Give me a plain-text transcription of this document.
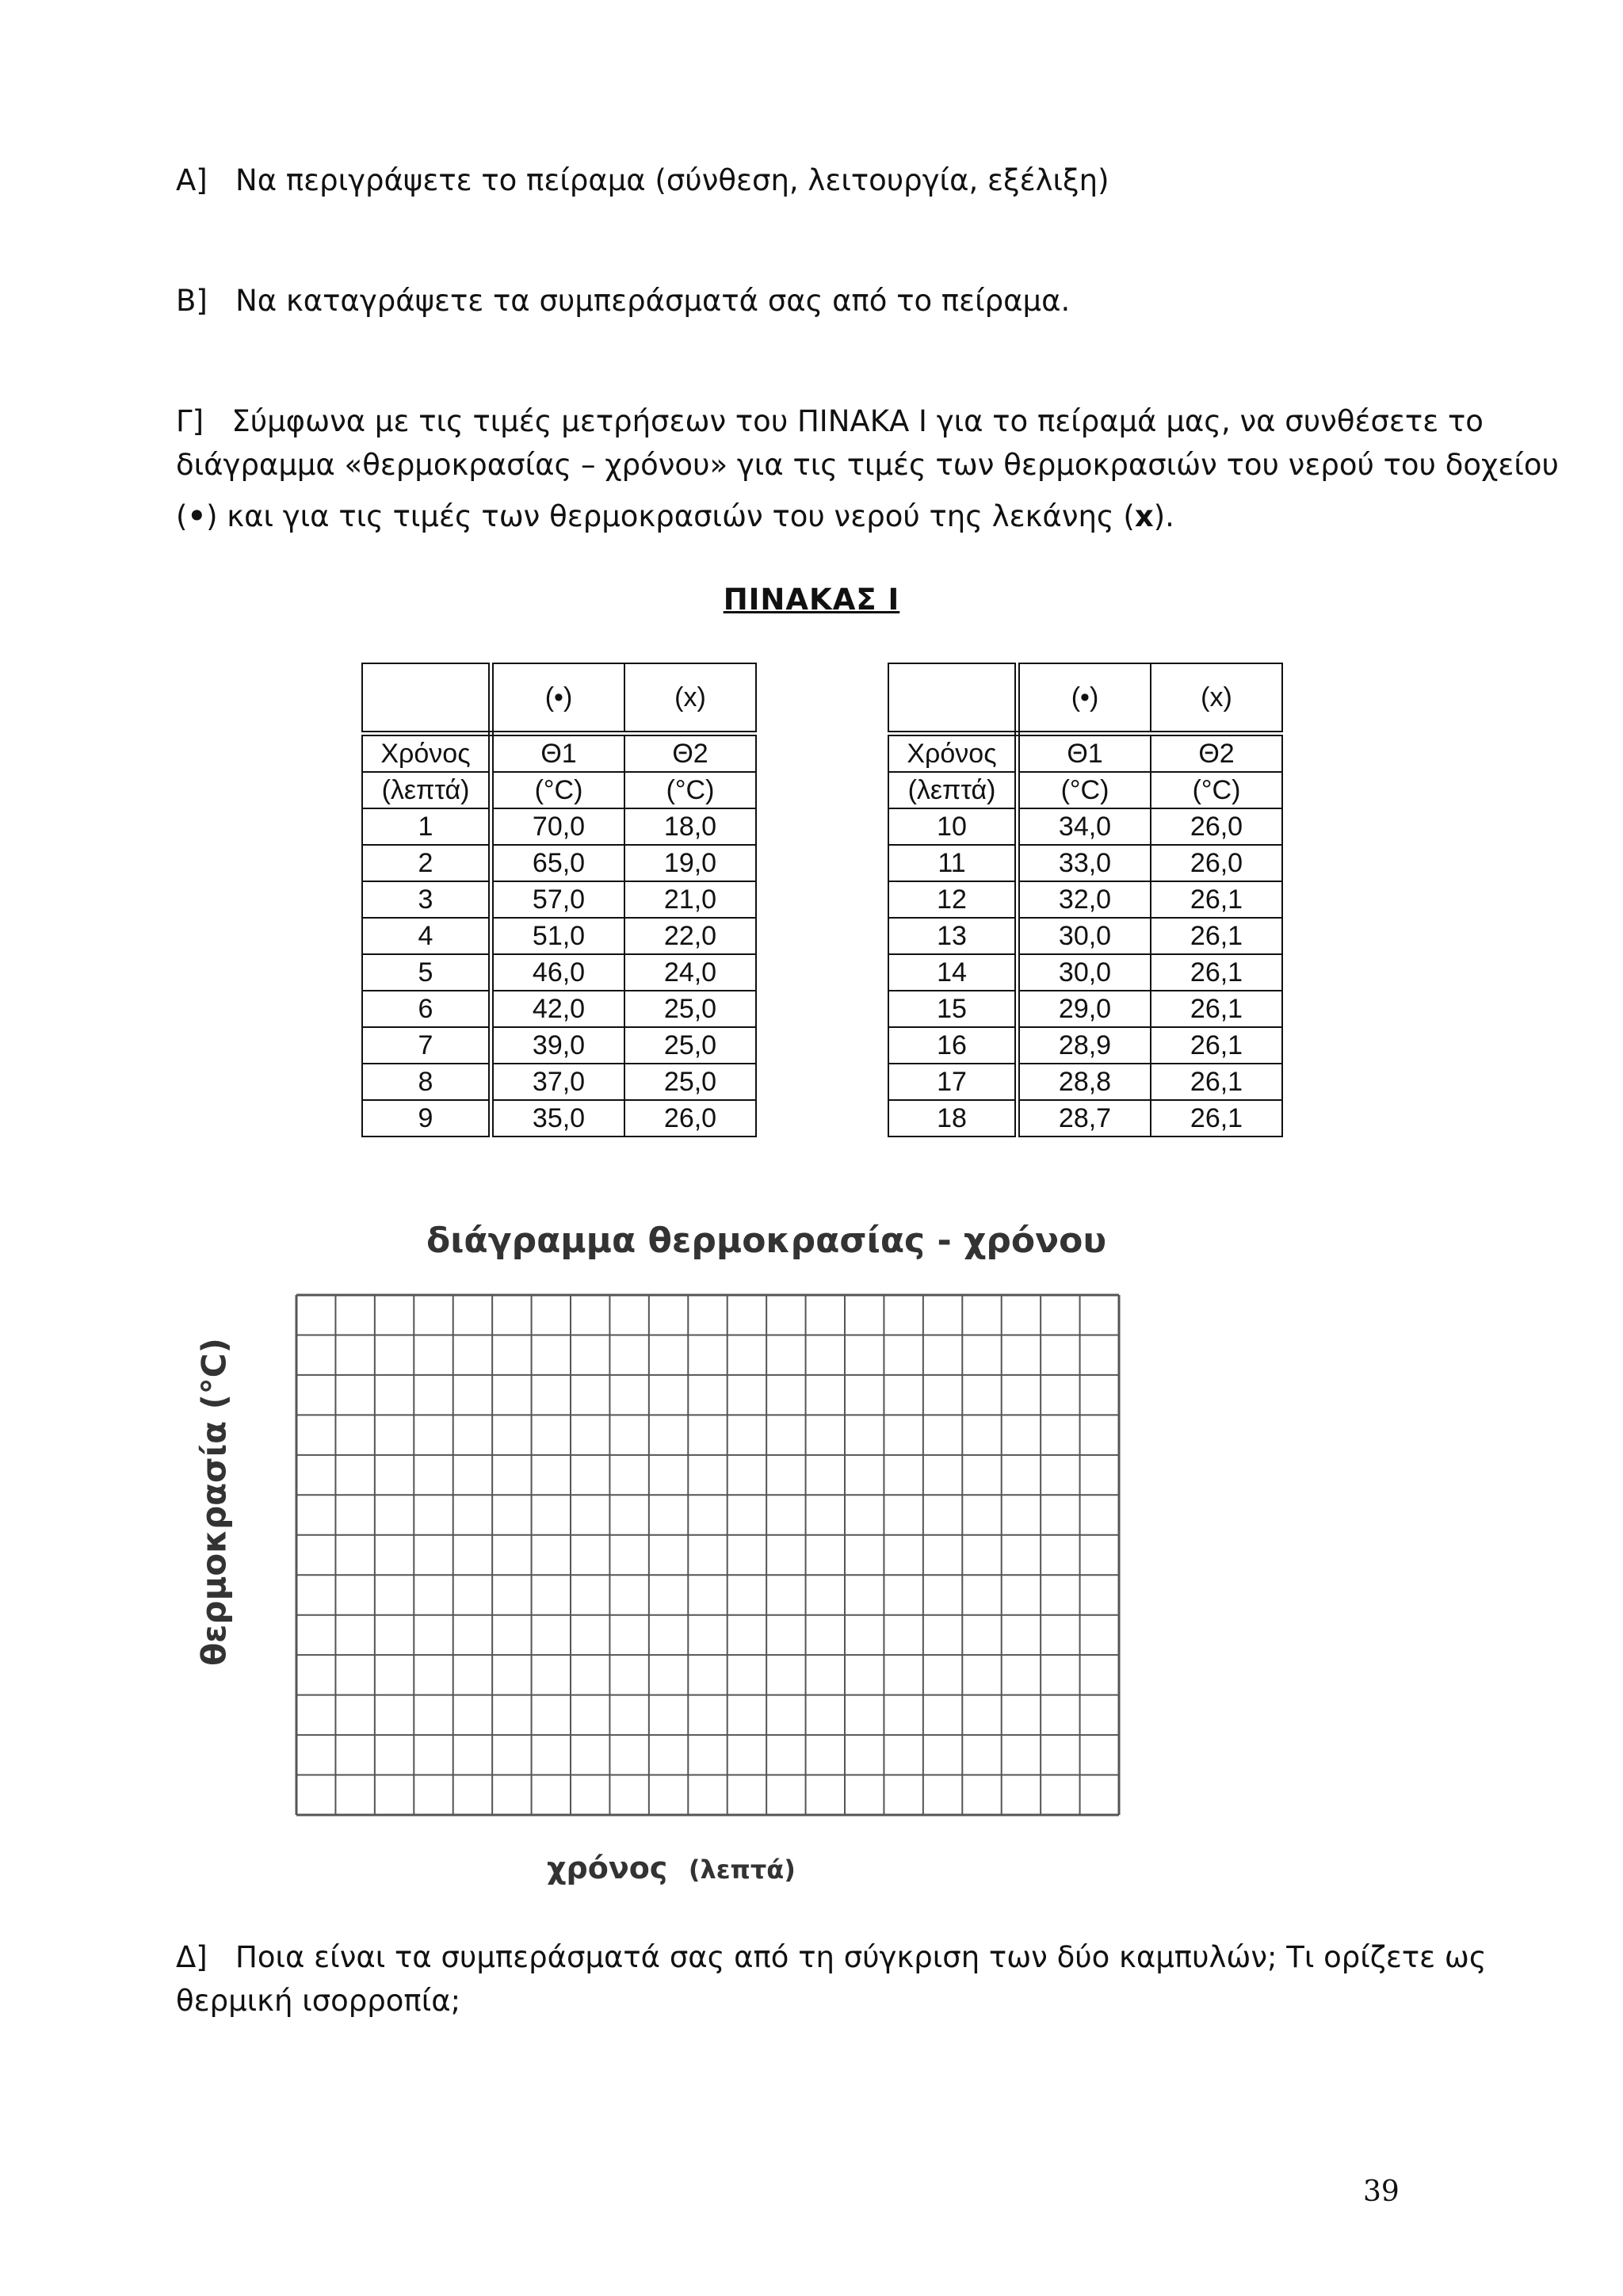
Α] Να περιγράψετε το πείραμα (σύνθεση, λειτουργία, εξέλιξη)
Β] Να καταγράψετε τα συμπεράσματά σας από το πείραμα.
Γ] Σύμφωνα με τις τιμές μετρήσεων του ΠΙΝΑΚΑ Ι για το πείραμά μας, να συνθέσετε το
διάγραμμα «θερμοκρασίας – χρόνου» για τις τιμές των θερμοκρασιών του νερού του δοχείου
(•) και για τις τιμές των θερμοκρασιών του νερού της λεκάνης (x).
ΠΙΝΑΚΑΣ Ι
	(•)	(x)
Χρόνος	Θ1	Θ2
(λεπτά)	(°C)	(°C)
1	70,0	18,0
2	65,0	19,0
3	57,0	21,0
4	51,0	22,0
5	46,0	24,0
6	42,0	25,0
7	39,0	25,0
8	37,0	25,0
9	35,0	26,0
	(•)	(x)
Χρόνος	Θ1	Θ2
(λεπτά)	(°C)	(°C)
10	34,0	26,0
11	33,0	26,0
12	32,0	26,1
13	30,0	26,1
14	30,0	26,1
15	29,0	26,1
16	28,9	26,1
17	28,8	26,1
18	28,7	26,1
διάγραμμα θερμοκρασίας - χρόνου
θερμοκρασία (°C)
χρόνος (λεπτά)
Δ] Ποια είναι τα συμπεράσματά σας από τη σύγκριση των δύο καμπυλών; Τι ορίζετε ως
θερμική ισορροπία;
39
